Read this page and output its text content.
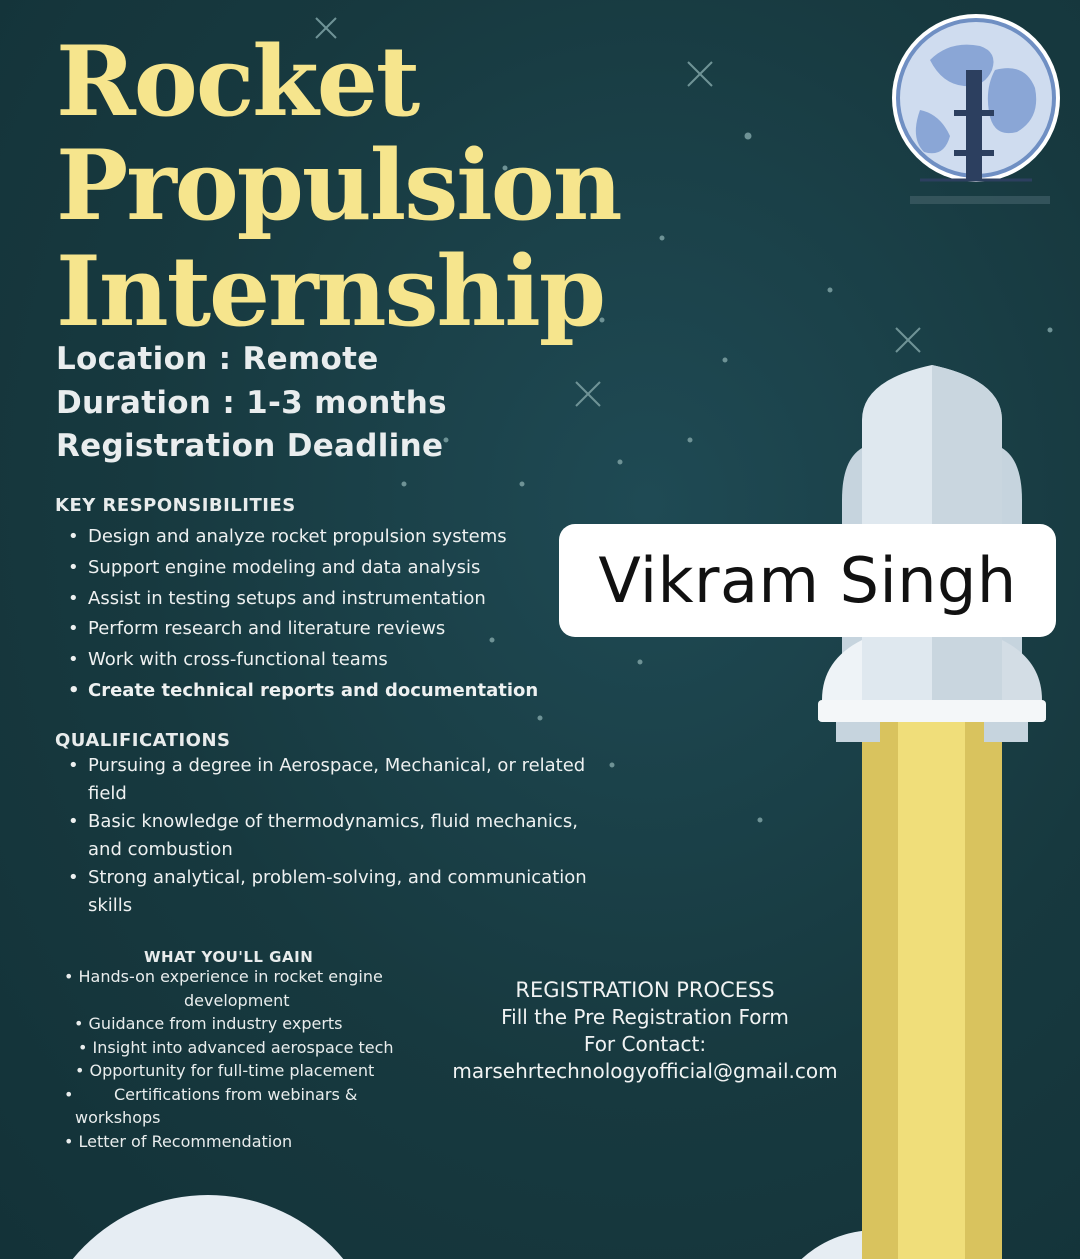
Rocket
Propulsion
Internship

Location : Remote

Duration : 1-3 months

Registration Deadline

KEY RESPONSIBILITIES
• Design and analyze rocket propulsion systems
• Support engine modeling and data analysis
• Assist in testing setups and instrumentation
• Perform research and literature reviews
• Work with cross-functional teams
• Create technical reports and documentation
QUALIFICATIONS
• Pursuing a degree in Aerospace, Mechanical, or related field
• Basic knowledge of thermodynamics, fluid mechanics, and combustion
• Strong analytical, problem-solving, and communication skills
Vikram Singh
WHAT YOU'LL GAIN

• Hands-on experience in rocket engine

development

• Guidance from industry experts

• Insight into advanced aerospace tech

• Opportunity for full-time placement

•	Certifications from webinars &

workshops

• Letter of Recommendation

REGISTRATION PROCESS

Fill the Pre Registration Form

For Contact:

marsehrtechnologyofficial@gmail.com
